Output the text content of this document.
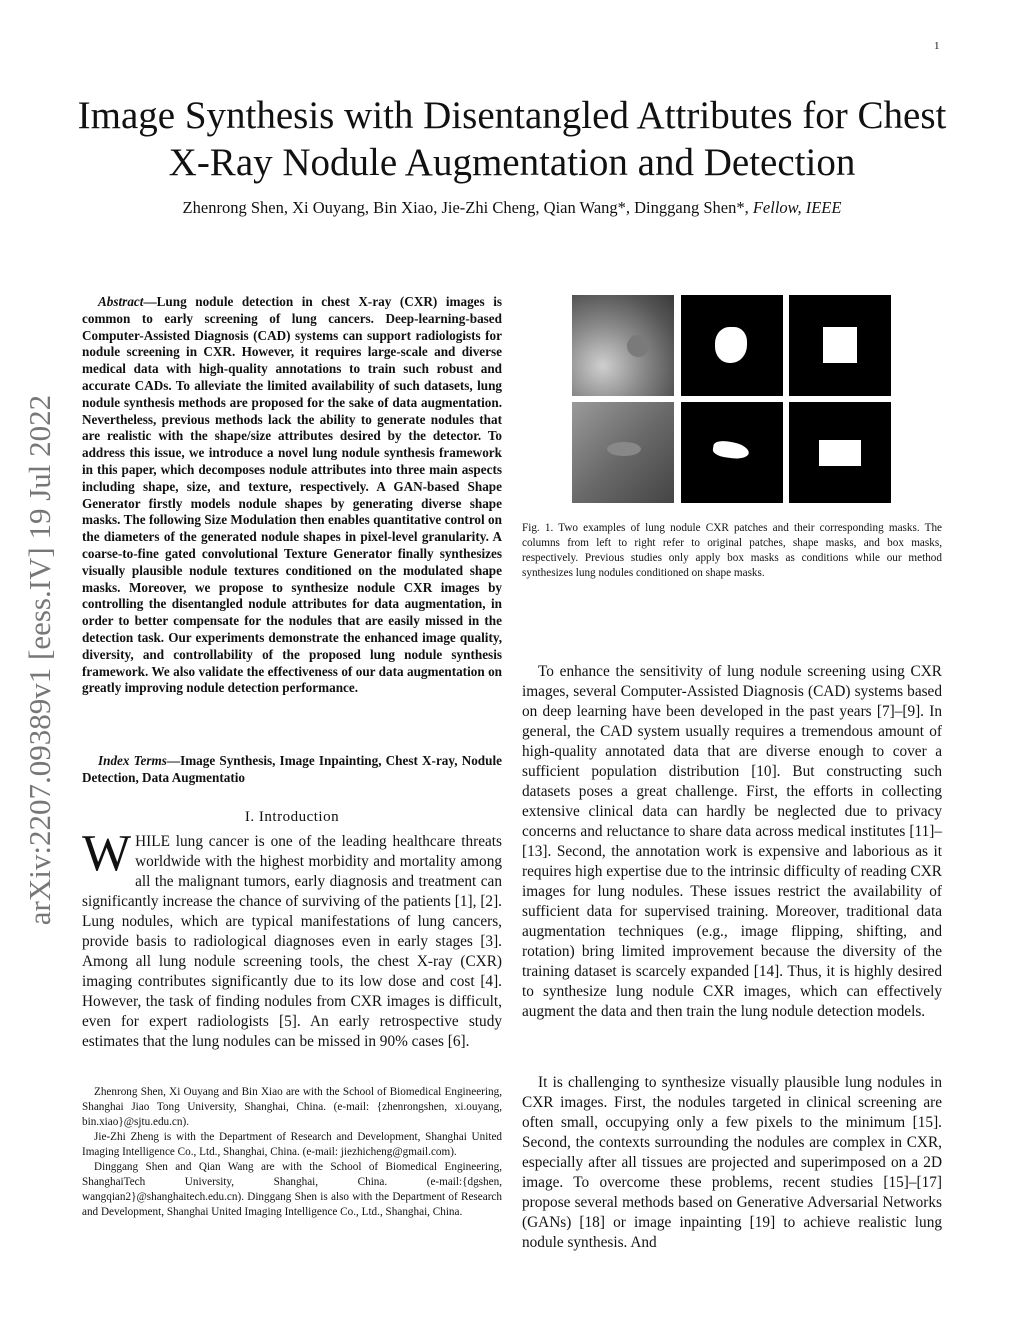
1
arXiv:2207.09389v1 [eess.IV] 19 Jul 2022
Image Synthesis with Disentangled Attributes for Chest X-Ray Nodule Augmentation and Detection
Zhenrong Shen, Xi Ouyang, Bin Xiao, Jie-Zhi Cheng, Qian Wang*, Dinggang Shen*, Fellow, IEEE
Abstract—Lung nodule detection in chest X-ray (CXR) images is common to early screening of lung cancers. Deep-learning-based Computer-Assisted Diagnosis (CAD) systems can support radiologists for nodule screening in CXR. However, it requires large-scale and diverse medical data with high-quality annotations to train such robust and accurate CADs. To alleviate the limited availability of such datasets, lung nodule synthesis methods are proposed for the sake of data augmentation. Nevertheless, previous methods lack the ability to generate nodules that are realistic with the shape/size attributes desired by the detector. To address this issue, we introduce a novel lung nodule synthesis framework in this paper, which decomposes nodule attributes into three main aspects including shape, size, and texture, respectively. A GAN-based Shape Generator firstly models nodule shapes by generating diverse shape masks. The following Size Modulation then enables quantitative control on the diameters of the generated nodule shapes in pixel-level granularity. A coarse-to-fine gated convolutional Texture Generator finally synthesizes visually plausible nodule textures conditioned on the modulated shape masks. Moreover, we propose to synthesize nodule CXR images by controlling the disentangled nodule attributes for data augmentation, in order to better compensate for the nodules that are easily missed in the detection task. Our experiments demonstrate the enhanced image quality, diversity, and controllability of the proposed lung nodule synthesis framework. We also validate the effectiveness of our data augmentation on greatly improving nodule detection performance.
Index Terms—Image Synthesis, Image Inpainting, Chest X-ray, Nodule Detection, Data Augmentatio
I. Introduction
WHILE lung cancer is one of the leading healthcare threats worldwide with the highest morbidity and mortality among all the malignant tumors, early diagnosis and treatment can significantly increase the chance of surviving of the patients [1], [2]. Lung nodules, which are typical manifestations of lung cancers, provide basis to radiological diagnoses even in early stages [3]. Among all lung nodule screening tools, the chest X-ray (CXR) imaging contributes significantly due to its low dose and cost [4]. However, the task of finding nodules from CXR images is difficult, even for expert radiologists [5]. An early retrospective study estimates that the lung nodules can be missed in 90% cases [6].

Zhenrong Shen, Xi Ouyang and Bin Xiao are with the School of Biomedical Engineering, Shanghai Jiao Tong University, Shanghai, China. (e-mail: {zhenrongshen, xi.ouyang, bin.xiao}@sjtu.edu.cn).

Jie-Zhi Zheng is with the Department of Research and Development, Shanghai United Imaging Intelligence Co., Ltd., Shanghai, China. (e-mail: jiezhicheng@gmail.com).

Dinggang Shen and Qian Wang are with the School of Biomedical Engineering, ShanghaiTech University, Shanghai, China. (e-mail:{dgshen, wangqian2}@shanghaitech.edu.cn). Dinggang Shen is also with the Department of Research and Development, Shanghai United Imaging Intelligence Co., Ltd., Shanghai, China.

Fig. 1. Two examples of lung nodule CXR patches and their corresponding masks. The columns from left to right refer to original patches, shape masks, and box masks, respectively. Previous studies only apply box masks as conditions while our method synthesizes lung nodules conditioned on shape masks.
To enhance the sensitivity of lung nodule screening using CXR images, several Computer-Assisted Diagnosis (CAD) systems based on deep learning have been developed in the past years [7]–[9]. In general, the CAD system usually requires a tremendous amount of high-quality annotated data that are diverse enough to cover a sufficient population distribution [10]. But constructing such datasets poses a great challenge. First, the efforts in collecting extensive clinical data can hardly be neglected due to privacy concerns and reluctance to share data across medical institutes [11]–[13]. Second, the annotation work is expensive and laborious as it requires high expertise due to the intrinsic difficulty of reading CXR images for lung nodules. These issues restrict the availability of sufficient data for supervised training. Moreover, traditional data augmentation techniques (e.g., image flipping, shifting, and rotation) bring limited improvement because the diversity of the training dataset is scarcely expanded [14]. Thus, it is highly desired to synthesize lung nodule CXR images, which can effectively augment the data and then train the lung nodule detection models.
It is challenging to synthesize visually plausible lung nodules in CXR images. First, the nodules targeted in clinical screening are often small, occupying only a few pixels to the minimum [15]. Second, the contexts surrounding the nodules are complex in CXR, especially after all tissues are projected and superimposed on a 2D image. To overcome these problems, recent studies [15]–[17] propose several methods based on Generative Adversarial Networks (GANs) [18] or image inpainting [19] to achieve realistic lung nodule synthesis. And
